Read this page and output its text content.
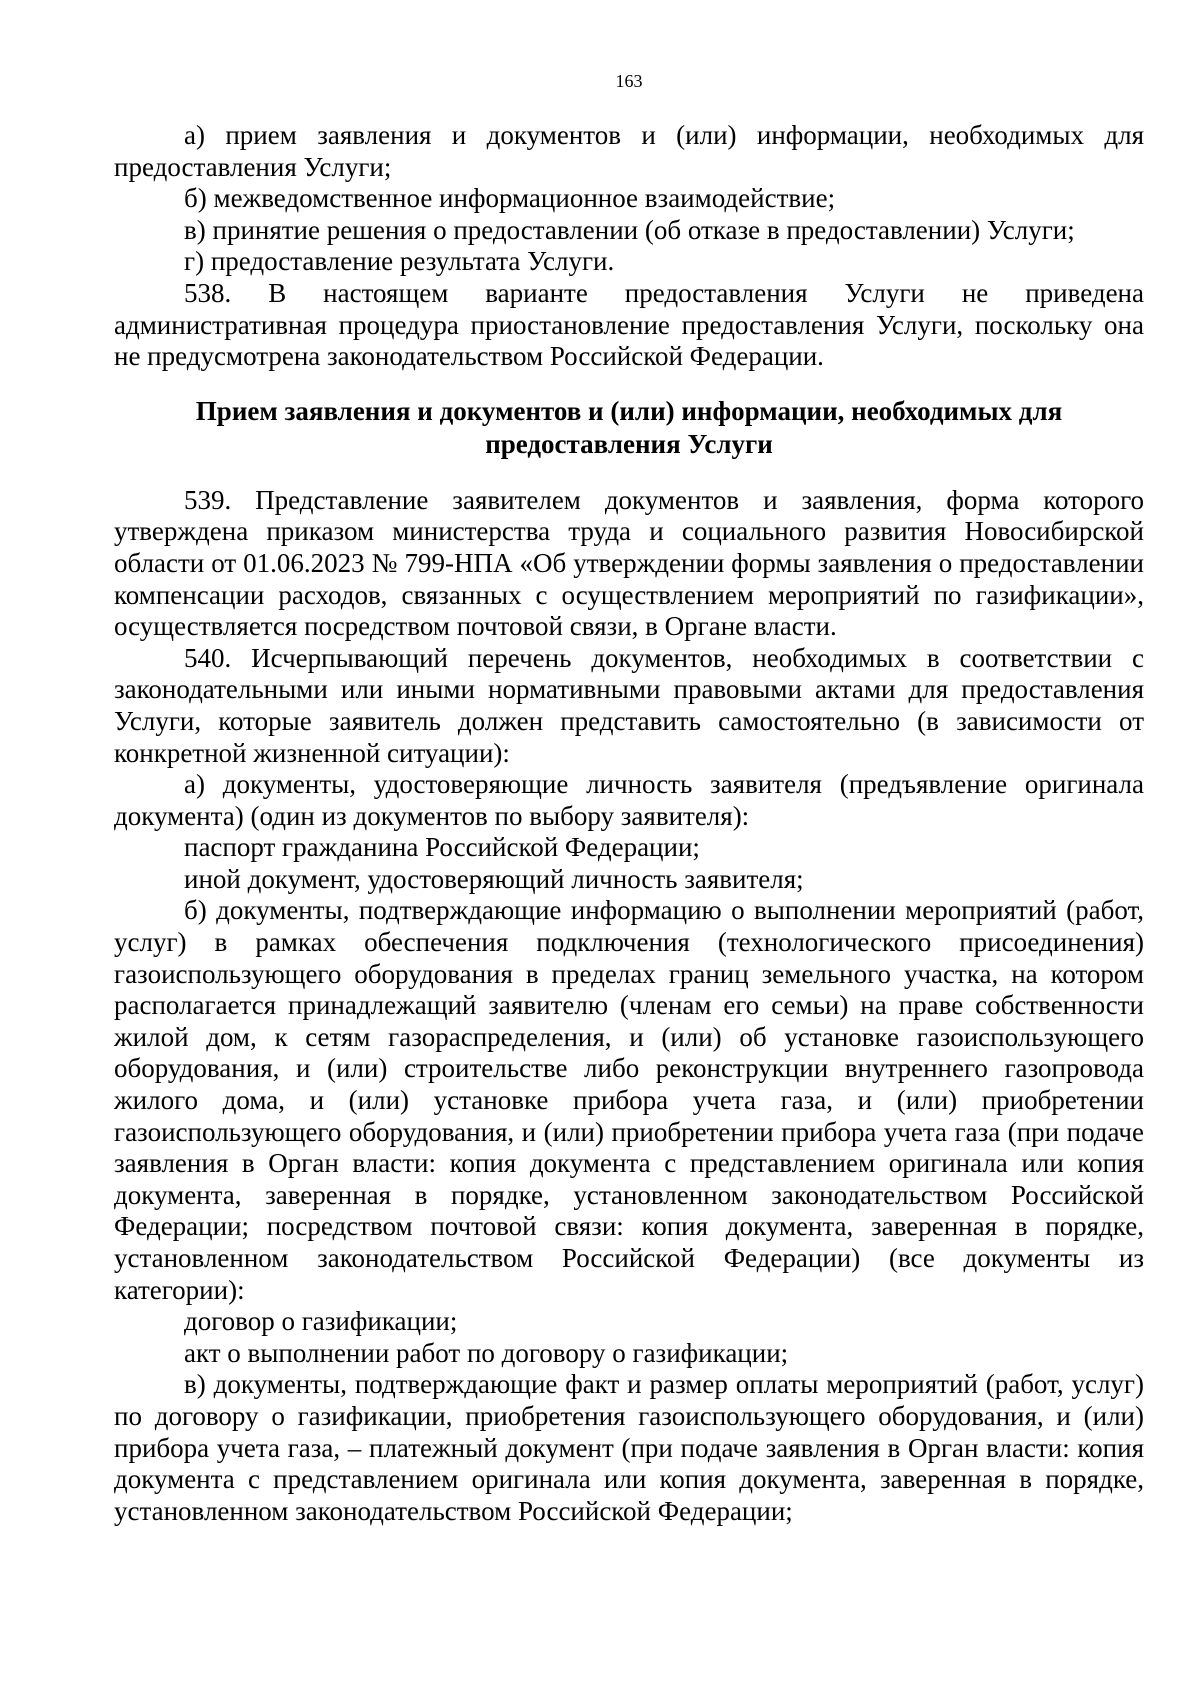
163

а) прием заявления и документов и (или) информации, необходимых для предоставления Услуги;

б) межведомственное информационное взаимодействие;

в) принятие решения о предоставлении (об отказе в предоставлении) Услуги;

г) предоставление результата Услуги.

538. В настоящем варианте предоставления Услуги не приведена административная процедура приостановление предоставления Услуги, поскольку она не предусмотрена законодательством Российской Федерации.

Прием заявления и документов и (или) информации, необходимых для предоставления Услуги

539. Представление заявителем документов и заявления, форма которого утверждена приказом министерства труда и социального развития Новосибирской области от 01.06.2023 № 799-НПА «Об утверждении формы заявления о предоставлении компенсации расходов, связанных с осуществлением мероприятий по газификации», осуществляется посредством почтовой связи, в Органе власти.

540. Исчерпывающий перечень документов, необходимых в соответствии с законодательными или иными нормативными правовыми актами для предоставления Услуги, которые заявитель должен представить самостоятельно (в зависимости от конкретной жизненной ситуации):

а) документы, удостоверяющие личность заявителя (предъявление оригинала документа) (один из документов по выбору заявителя):

паспорт гражданина Российской Федерации;

иной документ, удостоверяющий личность заявителя;

б) документы, подтверждающие информацию о выполнении мероприятий (работ, услуг) в рамках обеспечения подключения (технологического присоединения) газоиспользующего оборудования в пределах границ земельного участка, на котором располагается принадлежащий заявителю (членам его семьи) на праве собственности жилой дом, к сетям газораспределения, и (или) об установке газоиспользующего оборудования, и (или) строительстве либо реконструкции внутреннего газопровода жилого дома, и (или) установке прибора учета газа, и (или) приобретении газоиспользующего оборудования, и (или) приобретении прибора учета газа (при подаче заявления в Орган власти: копия документа с представлением оригинала или копия документа, заверенная в порядке, установленном законодательством Российской Федерации; посредством почтовой связи: копия документа, заверенная в порядке, установленном законодательством Российской Федерации) (все документы из категории):

договор о газификации;

акт о выполнении работ по договору о газификации;

в) документы, подтверждающие факт и размер оплаты мероприятий (работ, услуг) по договору о газификации, приобретения газоиспользующего оборудования, и (или) прибора учета газа, – платежный документ (при подаче заявления в Орган власти: копия документа с представлением оригинала или копия документа, заверенная в порядке, установленном законодательством Российской Федерации;
